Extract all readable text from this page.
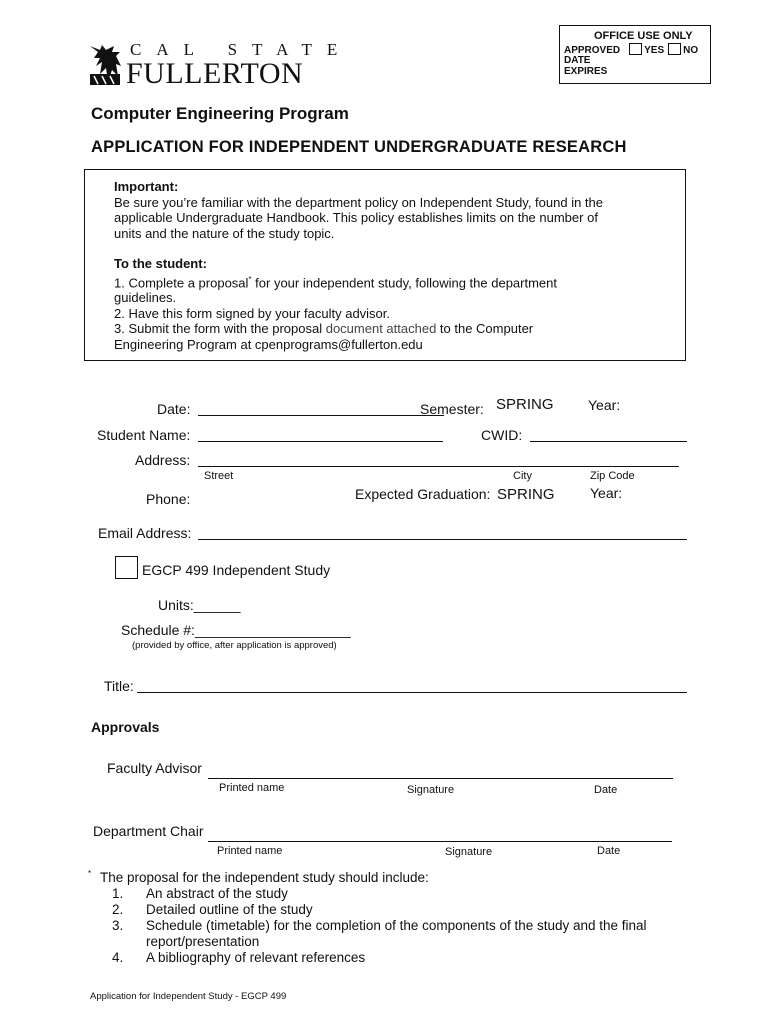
CAL STATE
FULLERTON
OFFICE USE ONLY
APPROVED YES NO
DATE
EXPIRES
Computer Engineering Program
APPLICATION FOR INDEPENDENT UNDERGRADUATE RESEARCH
Important:
Be sure you’re familiar with the department policy on Independent Study, found in the
applicable Undergraduate Handbook. This policy establishes limits on the number of
units and the nature of the study topic.
To the student:
1. Complete a proposal* for your independent study, following the department
guidelines.
2. Have this form signed by your faculty advisor.
3. Submit the form with the proposal document attached to the Computer
Engineering Program at cpenprograms@fullerton.edu
Date:	Semester: SPRING Year:
Student Name:	CWID:
Address:
Street	City	Zip Code
Phone:	Expected Graduation: SPRING	Year:
Email Address:
EGCP 499 Independent Study
Units:______
Schedule #:____________________
(provided by office, after application is approved)
Title:
Approvals
Faculty Advisor
Printed name	Signature	Date
Department Chair
Printed name	Signature	Date
* The proposal for the independent study should include:
1. An abstract of the study
2. Detailed outline of the study
3. Schedule (timetable) for the completion of the components of the study and the final
report/presentation
4. A bibliography of relevant references
Application for Independent Study - EGCP 499
